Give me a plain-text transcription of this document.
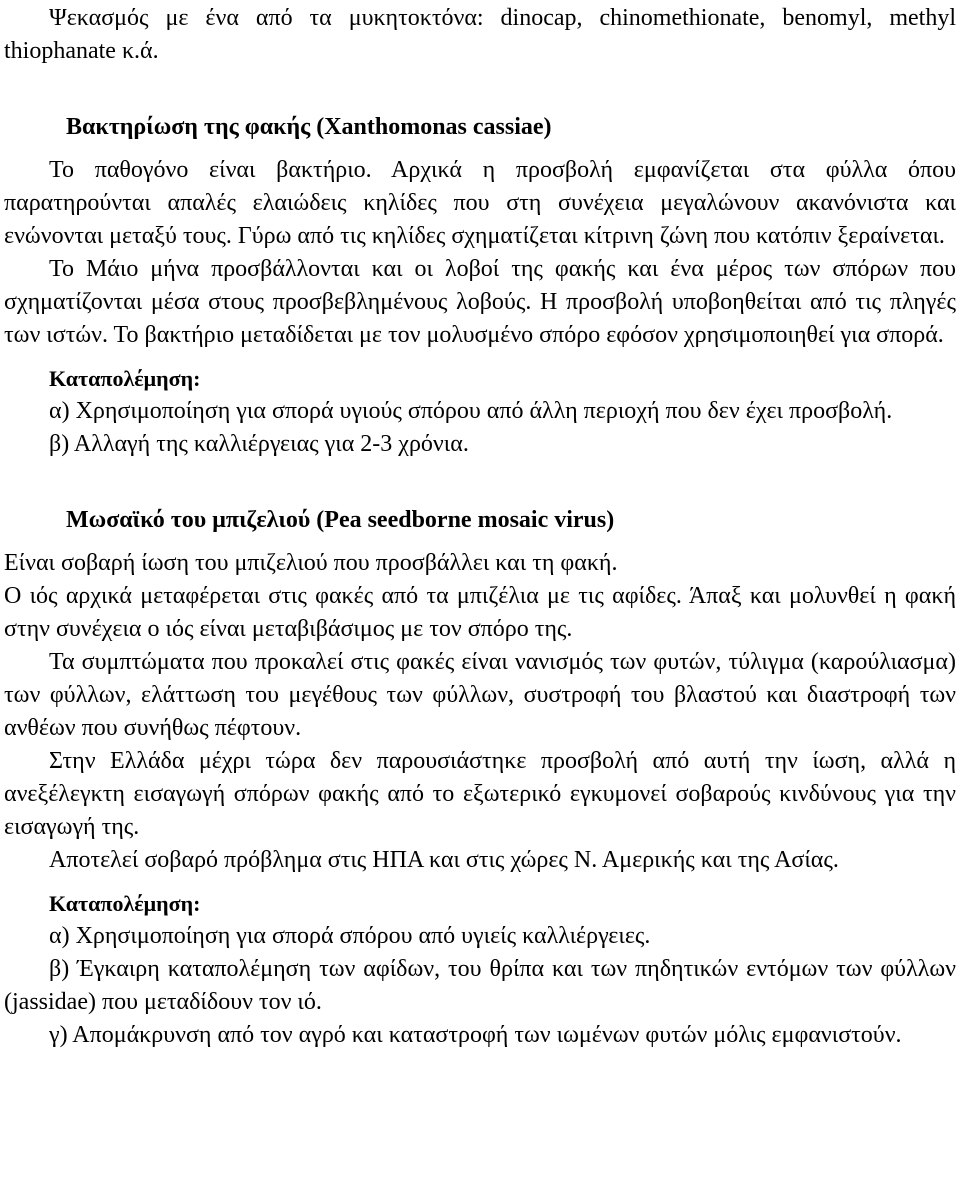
Ψεκασμός με ένα από τα μυκητοκτόνα: dinocap, chinomethionate, benomyl, methyl thiophanate κ.ά.

Βακτηρίωση της φακής (Xanthomonas cassiae)

Το παθογόνο είναι βακτήριο. Αρχικά η προσβολή εμφανίζεται στα φύλλα όπου παρατηρούνται απαλές ελαιώδεις κηλίδες που στη συνέχεια μεγαλώνουν ακανόνιστα και ενώνονται μεταξύ τους. Γύρω από τις κηλίδες σχηματίζεται κίτρινη ζώνη που κατόπιν ξεραίνεται.

Το Μάιο μήνα προσβάλλονται και οι λοβοί της φακής και ένα μέρος των σπόρων που σχηματίζονται μέσα στους προσβεβλημένους λοβούς. Η προσβολή υποβοηθείται από τις πληγές των ιστών. Το βακτήριο μεταδίδεται με τον μολυσμένο σπόρο εφόσον χρησιμοποιηθεί για σπορά.

Καταπολέμηση:

α) Χρησιμοποίηση για σπορά υγιούς σπόρου από άλλη περιοχή που δεν έχει προσβολή.

β) Αλλαγή της καλλιέργειας για 2-3 χρόνια.

Μωσαϊκό του μπιζελιού (Pea seedborne mosaic virus)

Είναι σοβαρή ίωση του μπιζελιού που προσβάλλει και τη φακή.

Ο ιός αρχικά μεταφέρεται στις φακές από τα μπιζέλια με τις αφίδες. Άπαξ και μολυνθεί η φακή στην συνέχεια ο ιός είναι μεταβιβάσιμος με τον σπόρο της.

Τα συμπτώματα που προκαλεί στις φακές είναι νανισμός των φυτών, τύλιγμα (καρούλιασμα) των φύλλων, ελάττωση του μεγέθους των φύλλων, συστροφή του βλαστού και διαστροφή των ανθέων που συνήθως πέφτουν.

Στην Ελλάδα μέχρι τώρα δεν παρουσιάστηκε προσβολή από αυτή την ίωση, αλλά η ανεξέλεγκτη εισαγωγή σπόρων φακής από το εξωτερικό εγκυμονεί σοβαρούς κινδύνους για την εισαγωγή της.

Αποτελεί σοβαρό πρόβλημα στις ΗΠΑ και στις χώρες Ν. Αμερικής και της Ασίας.

Καταπολέμηση:

α) Χρησιμοποίηση για σπορά σπόρου από υγιείς καλλιέργειες.

β) Έγκαιρη καταπολέμηση των αφίδων, του θρίπα και των πηδητικών εντόμων των φύλλων (jassidae) που μεταδίδουν τον ιό.

γ) Απομάκρυνση από τον αγρό και καταστροφή των ιωμένων φυτών μόλις εμφανιστούν.
